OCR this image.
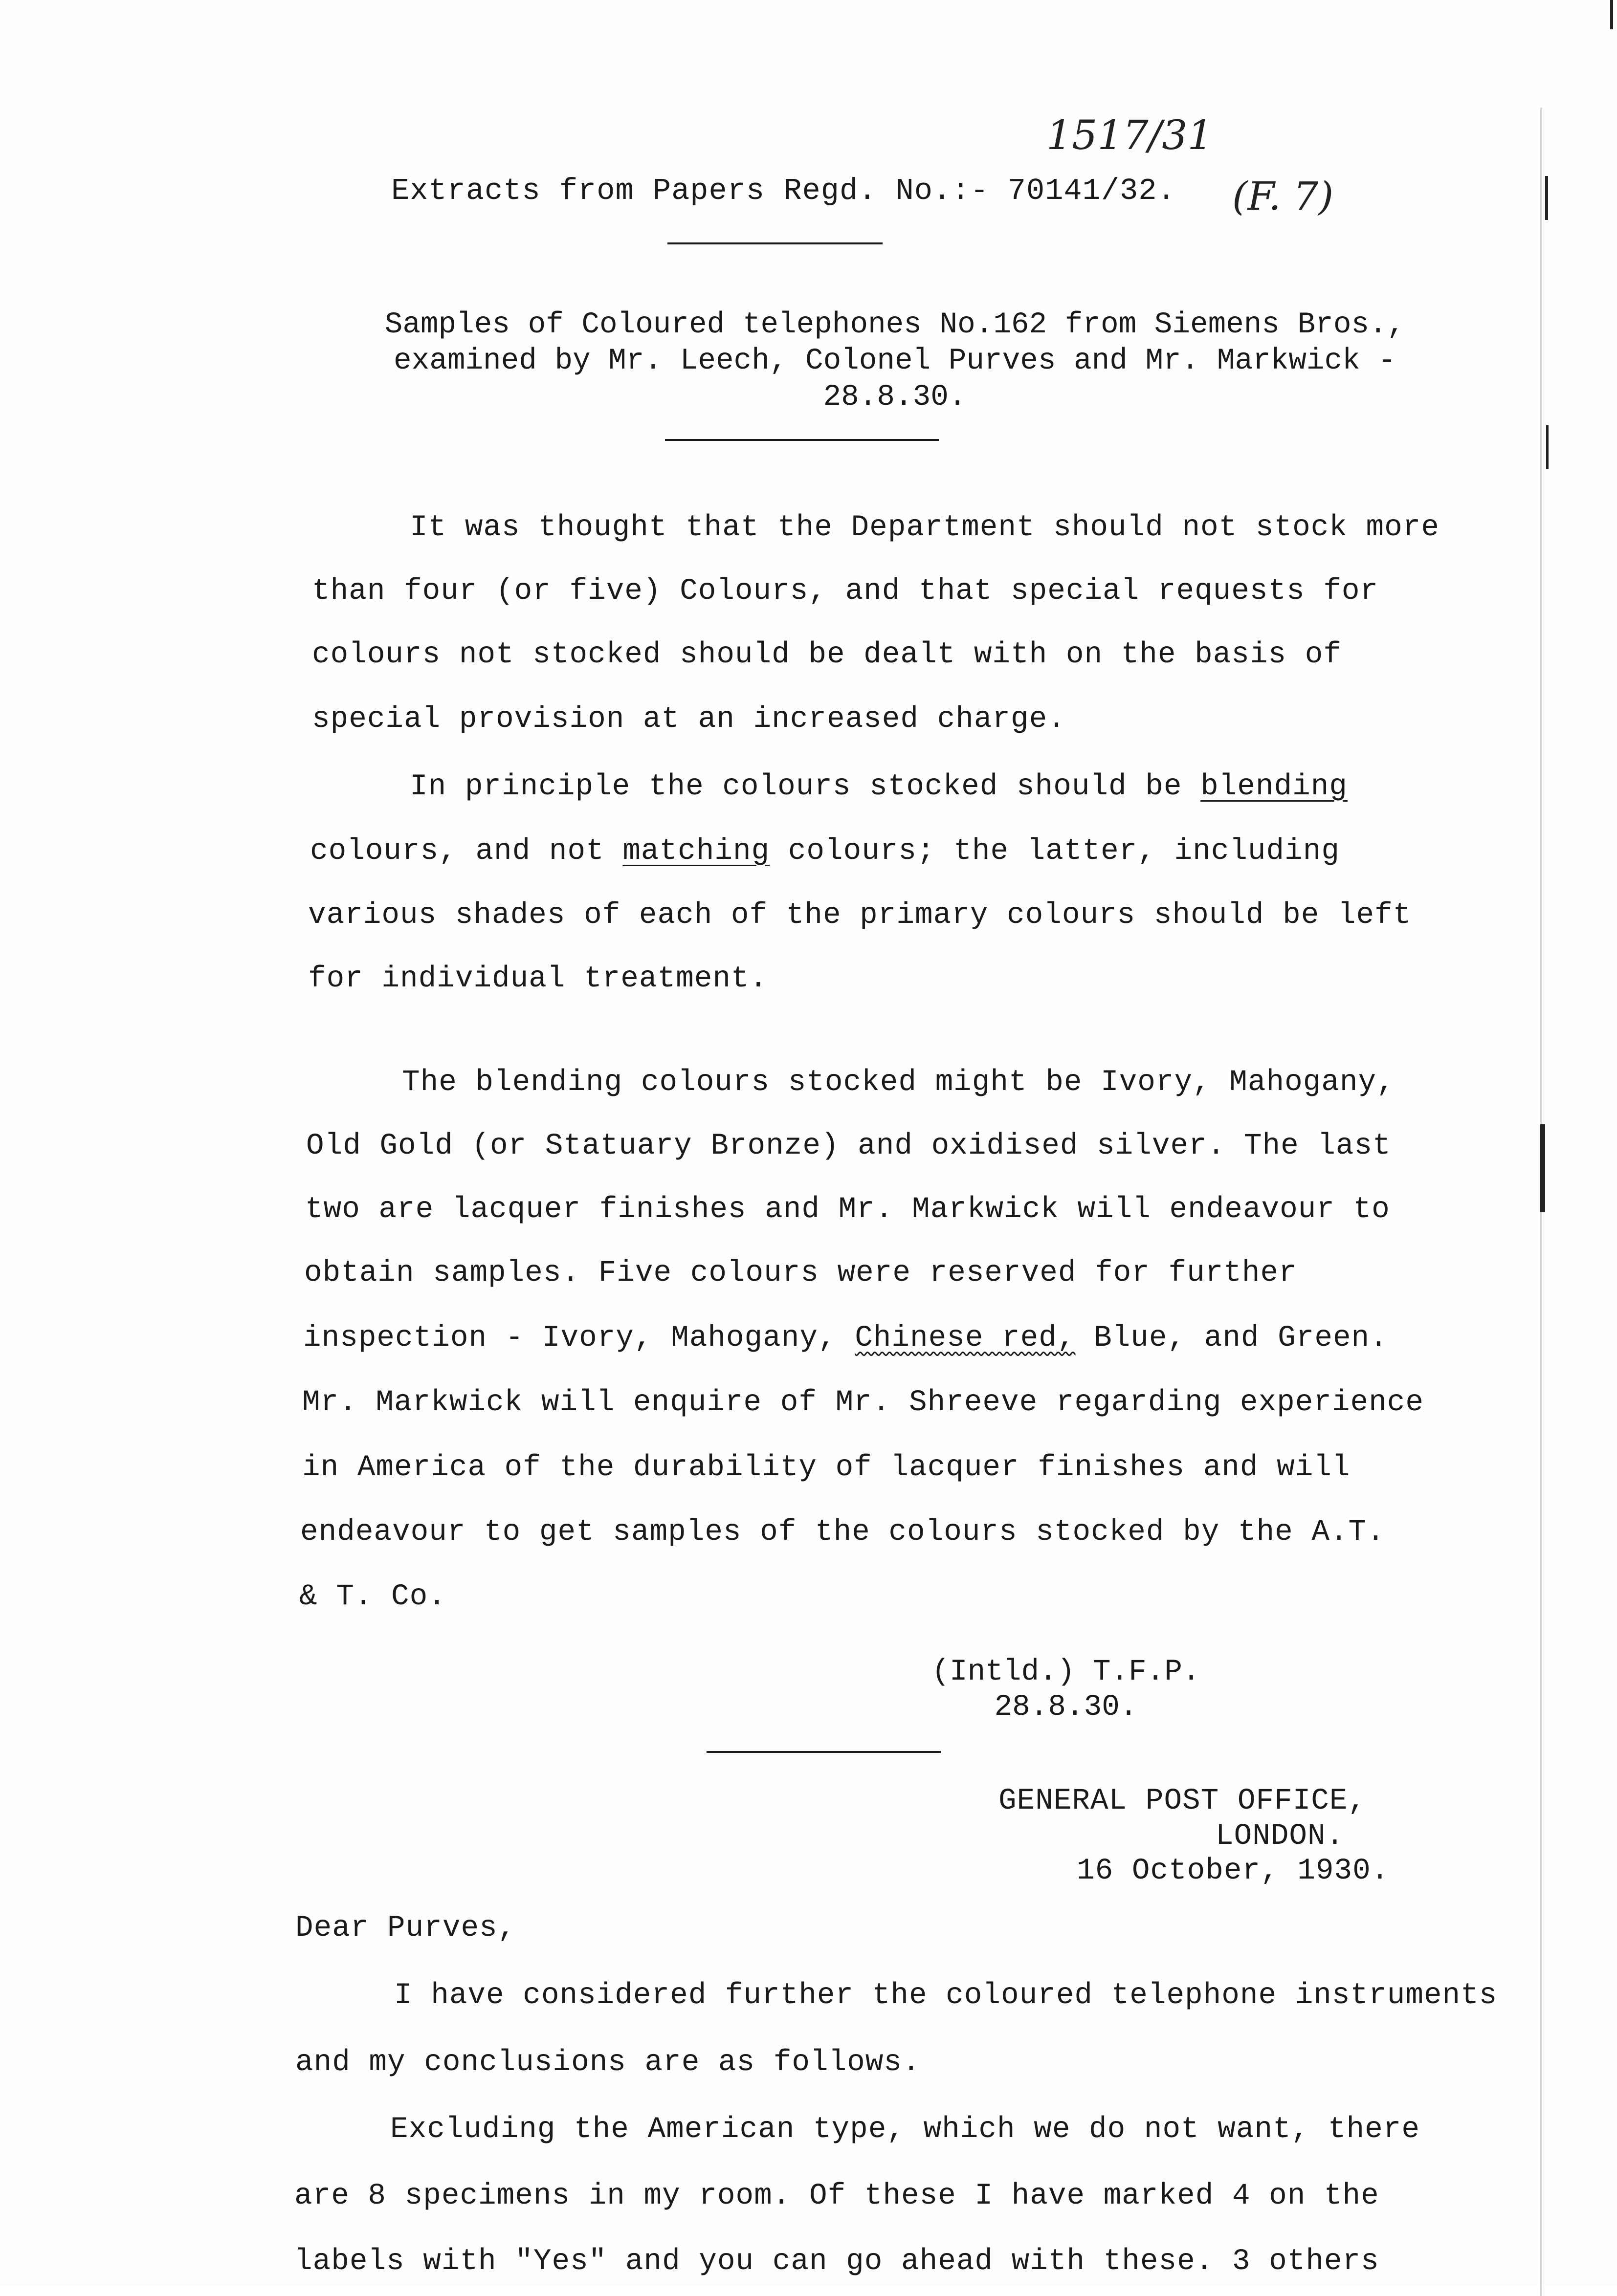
1517/31
(F. 7)
Extracts from Papers Regd. No.:- 70141/32.
Samples of Coloured telephones No.162 from Siemens Bros.,
examined by Mr. Leech, Colonel Purves and Mr. Markwick -
28.8.30.
It was thought that the Department should not stock more
than four (or five) Colours, and that special requests for
colours not stocked should be dealt with on the basis of
special provision at an increased charge.
In principle the colours stocked should be blending
colours, and not matching colours; the latter, including
various shades of each of the primary colours should be left
for individual treatment.
The blending colours stocked might be Ivory, Mahogany,
Old Gold (or Statuary Bronze) and oxidised silver. The last
two are lacquer finishes and Mr. Markwick will endeavour to
obtain samples. Five colours were reserved for further
inspection - Ivory, Mahogany, Chinese red, Blue, and Green.
Mr. Markwick will enquire of Mr. Shreeve regarding experience
in America of the durability of lacquer finishes and will
endeavour to get samples of the colours stocked by the A.T.
& T. Co.
(Intld.) T.F.P.
28.8.30.
GENERAL POST OFFICE,
LONDON.
16 October, 1930.
Dear Purves,
I have considered further the coloured telephone instruments
and my conclusions are as follows.
Excluding the American type, which we do not want, there
are 8 specimens in my room. Of these I have marked 4 on the
labels with "Yes" and you can go ahead with these. 3 others
